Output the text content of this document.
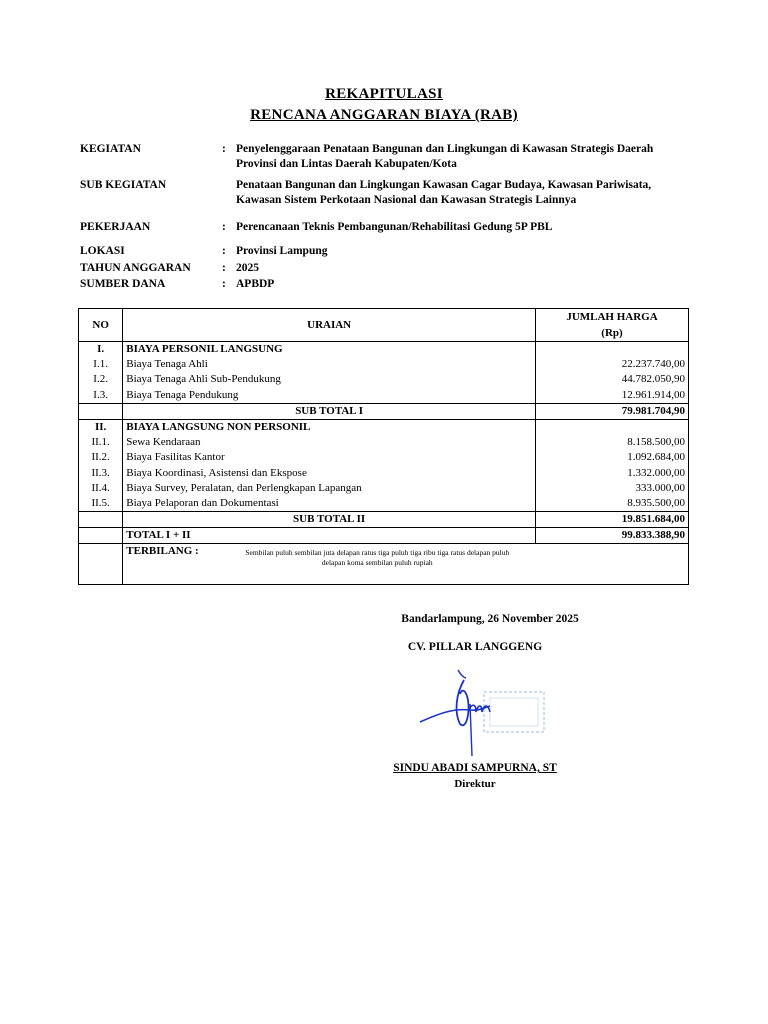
REKAPITULASI
RENCANA ANGGARAN BIAYA (RAB)
KEGIATAN	: Penyelenggaraan Penataan Bangunan dan Lingkungan di Kawasan Strategis Daerah Provinsi dan Lintas Daerah Kabupaten/Kota
SUB KEGIATAN	Penataan Bangunan dan Lingkungan Kawasan Cagar Budaya, Kawasan Pariwisata, Kawasan Sistem Perkotaan Nasional dan Kawasan Strategis Lainnya
PEKERJAAN	: Perencanaan Teknis Pembangunan/Rehabilitasi Gedung 5P PBL
LOKASI	: Provinsi Lampung
TAHUN ANGGARAN	: 2025
SUMBER DANA	: APBDP
NO	URAIAN	JUMLAH HARGA
(Rp)
I.	BIAYA PERSONIL LANGSUNG	
I.1.	Biaya Tenaga Ahli	22.237.740,00
I.2.	Biaya Tenaga Ahli Sub-Pendukung	44.782.050,90
I.3.	Biaya Tenaga Pendukung	12.961.914,00
	SUB TOTAL I	79.981.704,90
II.	BIAYA LANGSUNG NON PERSONIL	
II.1.	Sewa Kendaraan	8.158.500,00
II.2.	Biaya Fasilitas Kantor	1.092.684,00
II.3.	Biaya Koordinasi, Asistensi dan Ekspose	1.332.000,00
II.4.	Biaya Survey, Peralatan, dan Perlengkapan Lapangan	333.000,00
II.5.	Biaya Pelaporan dan Dokumentasi	8.935.500,00
	SUB TOTAL II	19.851.684,00
	TOTAL I + II	99.833.388,90
	TERBILANG : Sembilan puluh sembilan juta delapan ratus tiga puluh tiga ribu tiga ratus delapan puluh delapan koma sembilan puluh rupiah	
Bandarlampung, 26 November 2025
CV. PILLAR LANGGENG
SINDU ABADI SAMPURNA, ST
Direktur
